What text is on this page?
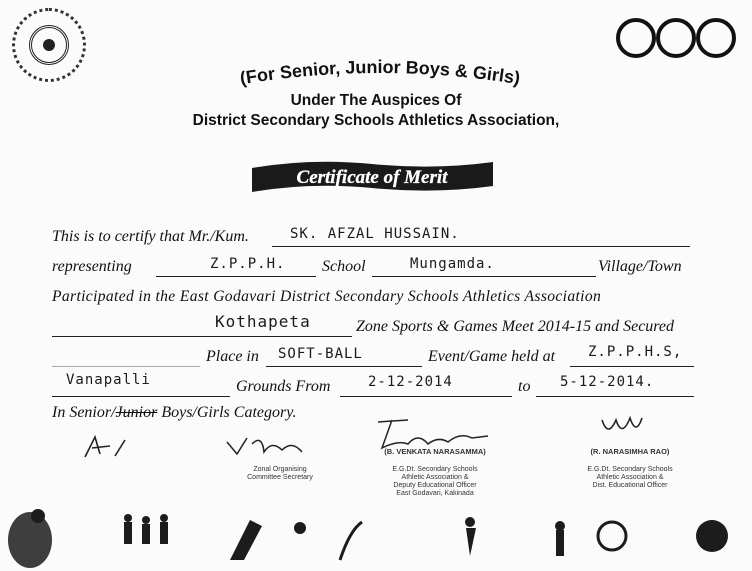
(For Senior, Junior Boys & Girls)
Under The Auspices Of
District Secondary Schools Athletics Association,
Certificate of Merit
This is to certify that Mr./Kum.	SK. AFZAL HUSSAIN.
representing	Z.P.P.H. School	Mungamda.	Village/Town
Participated in the East Godavari District Secondary Schools Athletics Association
Kothapeta	Zone Sports & Games Meet 2014-15 and Secured
Place in SOFT-BALL	Event/Game held at Z.P.P.H.S,
Vanapalli	Grounds From	2-12-2014	to 5-12-2014.
In Senior/Junior Boys/Girls Category.
(B. VENKATA NARASAMMA)	(R. NARASIMHA RAO)
Zonal Organising
Committee Secretary
E.G.Dt. Secondary Schools
Athletic Association &
Deputy Educational Officer
East Godavari, Kakinada
E.G.Dt. Secondary Schools
Athletic Association &
Dist. Educational Officer
